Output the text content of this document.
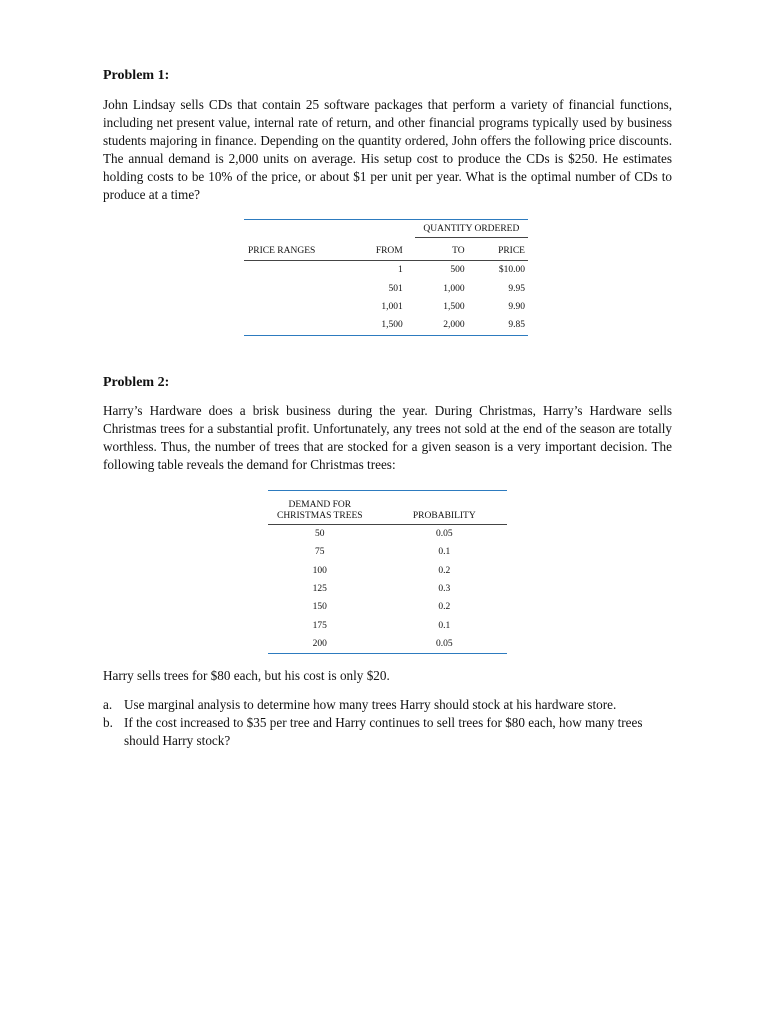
Problem 1:
John Lindsay sells CDs that contain 25 software packages that perform a variety of financial functions, including net present value, internal rate of return, and other financial programs typically used by business students majoring in finance. Depending on the quantity ordered, John offers the following price discounts. The annual demand is 2,000 units on average. His setup cost to produce the CDs is $250. He estimates holding costs to be 10% of the price, or about $1 per unit per year. What is the optimal number of CDs to produce at a time?

		QUANTITY ORDERED	

PRICE RANGES	FROM	TO	PRICE
	1	500	$10.00
	501	1,000	9.95
	1,001	1,500	9.90
	1,500	2,000	9.85
Problem 2:
Harry’s Hardware does a brisk business during the year. During Christmas, Harry’s Hardware sells Christmas trees for a substantial profit. Unfortunately, any trees not sold at the end of the season are totally worthless. Thus, the number of trees that are stocked for a given season is a very important decision. The following table reveals the demand for Christmas trees:
DEMAND FOR
CHRISTMAS TREES	PROBABILITY
50	0.05
75	0.1
100	0.2
125	0.3
150	0.2
175	0.1
200	0.05
Harry sells trees for $80 each, but his cost is only $20.
a. Use marginal analysis to determine how many trees Harry should stock at his hardware store.
b. If the cost increased to $35 per tree and Harry continues to sell trees for $80 each, how many trees should Harry stock?
